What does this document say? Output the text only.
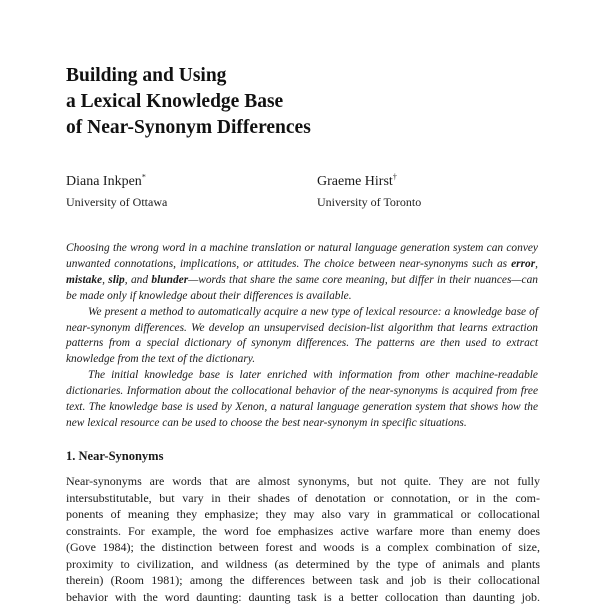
Building and Using
a Lexical Knowledge Base
of Near-Synonym Differences
Diana Inkpen*
University of Ottawa
Graeme Hirst†
University of Toronto

Choosing the wrong word in a machine translation or natural language generation system can convey unwanted connotations, implications, or attitudes. The choice between near-synonyms such as error, mistake, slip, and blunder—words that share the same core meaning, but differ in their nuances—can be made only if knowledge about their differences is available.

We present a method to automatically acquire a new type of lexical resource: a knowledge base of near-synonym differences. We develop an unsupervised decision-list algorithm that learns extraction patterns from a special dictionary of synonym differences. The patterns are then used to extract knowledge from the text of the dictionary.

The initial knowledge base is later enriched with information from other machine-readable dictionaries. Information about the collocational behavior of the near-synonyms is acquired from free text. The knowledge base is used by Xenon, a natural language generation system that shows how the new lexical resource can be used to choose the best near-synonym in specific situations.

1. Near-Synonyms
Near-synonyms are words that are almost synonyms, but not quite. They are not fully
intersubstitutable, but vary in their shades of denotation or connotation, or in the com-
ponents of meaning they emphasize; they may also vary in grammatical or collocational
constraints. For example, the word foe emphasizes active warfare more than enemy does
(Gove 1984); the distinction between forest and woods is a complex combination of size,
proximity to civilization, and wildness (as determined by the type of animals and plants
therein) (Room 1981); among the differences between task and job is their collocational
behavior with the word daunting: daunting task is a better collocation than daunting job.
